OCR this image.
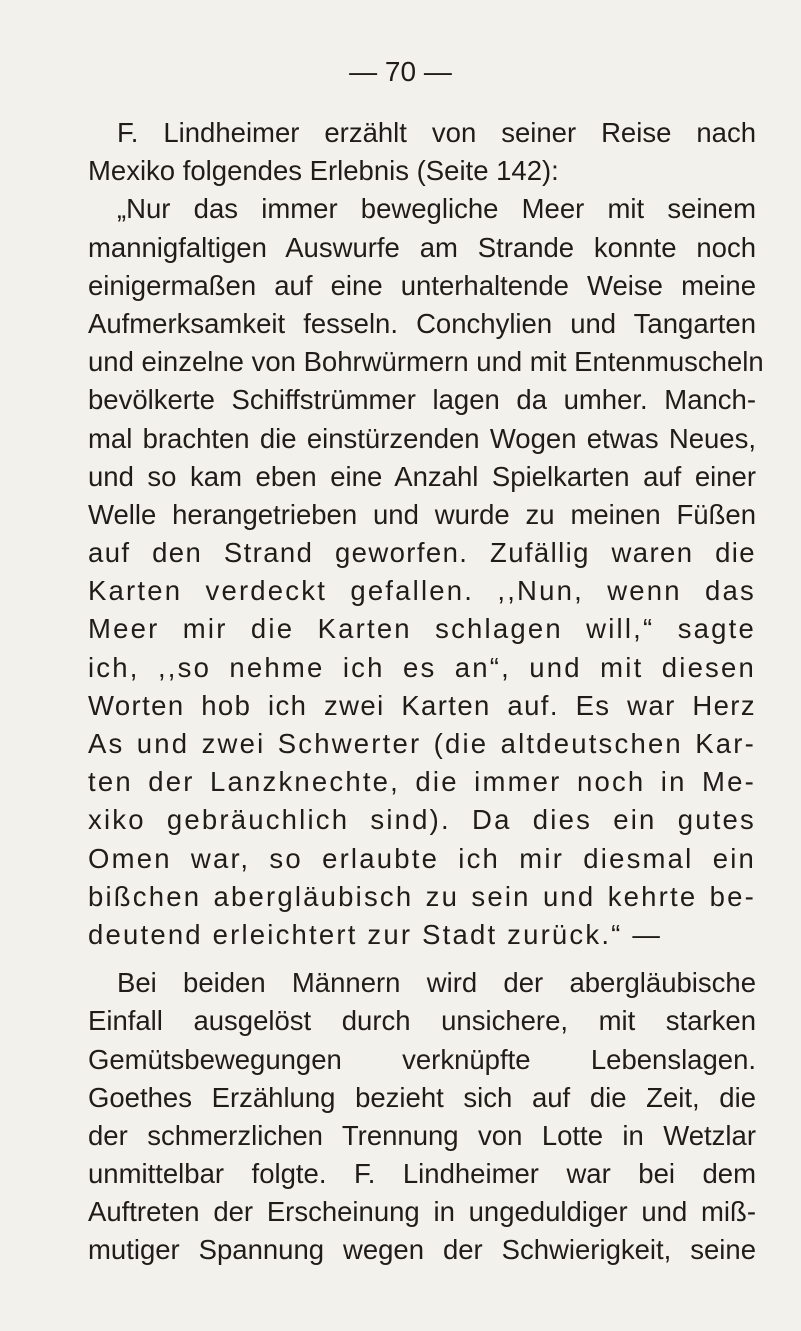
— 70 —
F. Lindheimer erzählt von seiner Reise nach
Mexiko folgendes Erlebnis (Seite 142):
„Nur das immer bewegliche Meer mit seinem
mannigfaltigen Auswurfe am Strande konnte noch
einigermaßen auf eine unterhaltende Weise meine
Aufmerksamkeit fesseln. Conchylien und Tangarten
und einzelne von Bohrwürmern und mit Entenmuscheln
bevölkerte Schiffstrümmer lagen da umher. Manch-
mal brachten die einstürzenden Wogen etwas Neues,
und so kam eben eine Anzahl Spielkarten auf einer
Welle herangetrieben und wurde zu meinen Füßen
auf den Strand geworfen. Zufällig waren die
Karten verdeckt gefallen. ,,Nun, wenn das
Meer mir die Karten schlagen will,“ sagte
ich, ,,so nehme ich es an“, und mit diesen
Worten hob ich zwei Karten auf. Es war Herz
As und zwei Schwerter (die altdeutschen Kar-
ten der Lanzknechte, die immer noch in Me-
xiko gebräuchlich sind). Da dies ein gutes
Omen war, so erlaubte ich mir diesmal ein
bißchen abergläubisch zu sein und kehrte be-
deutend erleichtert zur Stadt zurück.“ —
Bei beiden Männern wird der abergläubische
Einfall ausgelöst durch unsichere, mit starken
Gemütsbewegungen verknüpfte Lebenslagen.
Goethes Erzählung bezieht sich auf die Zeit, die
der schmerzlichen Trennung von Lotte in Wetzlar
unmittelbar folgte. F. Lindheimer war bei dem
Auftreten der Erscheinung in ungeduldiger und miß-
mutiger Spannung wegen der Schwierigkeit, seine
